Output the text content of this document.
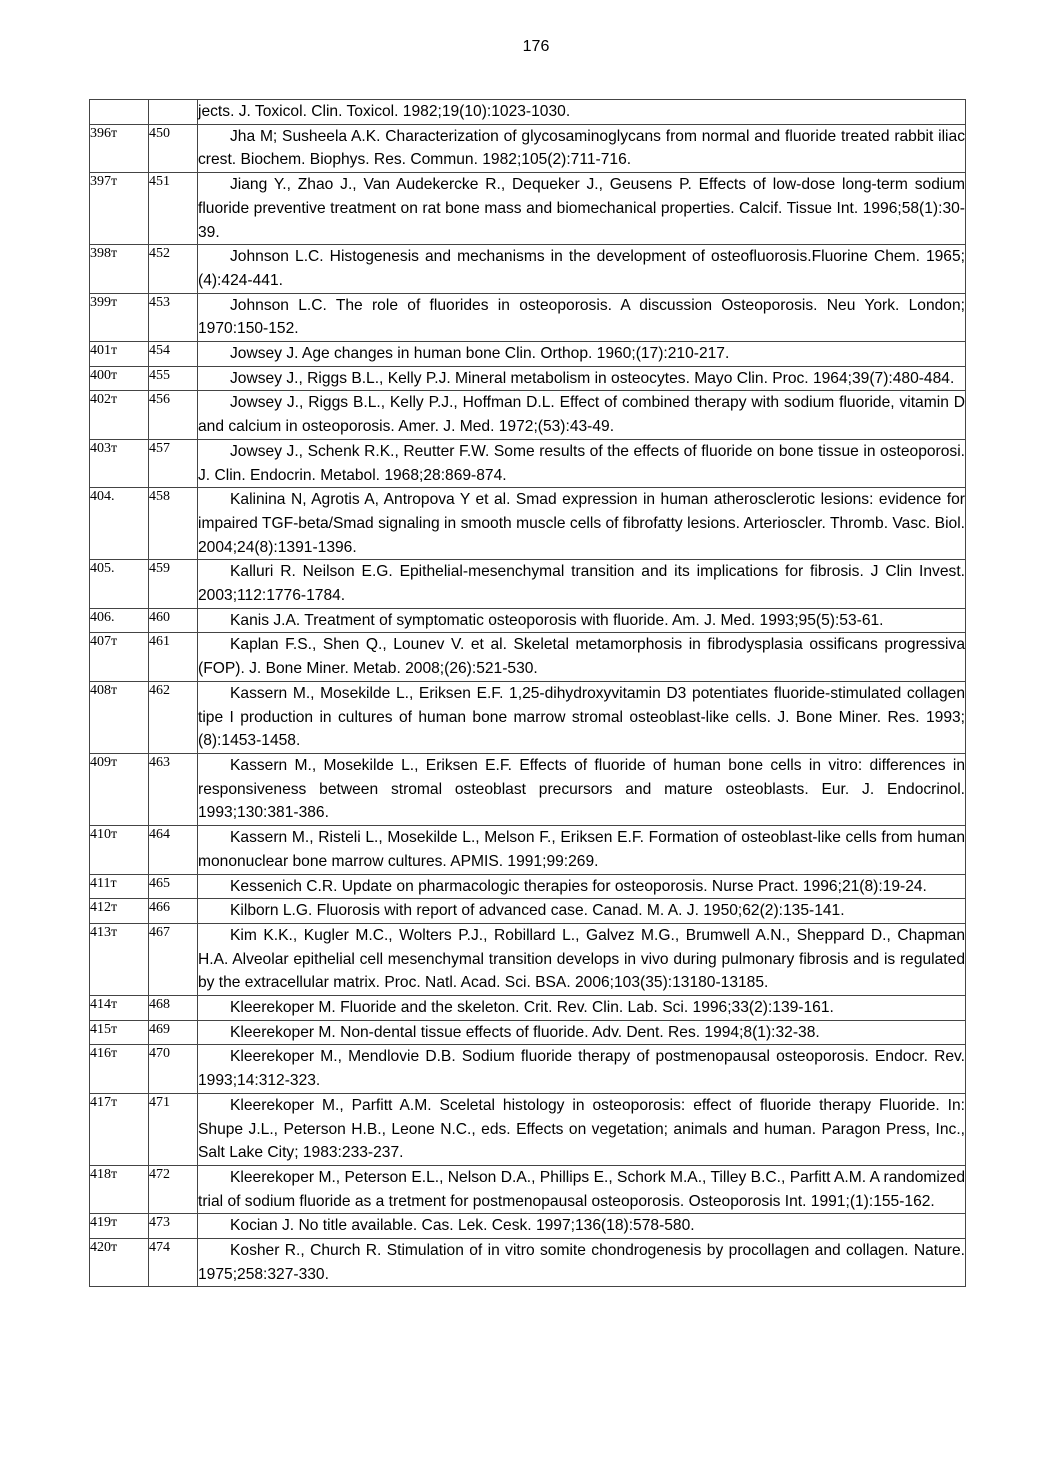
176
		jects. J. Toxicol. Clin. Toxicol. 1982;19(10):1023-1030.
396т	450	Jha M; Susheela A.K. Characterization of glycosaminoglycans from normal and fluoride treated rabbit iliac crest. Biochem. Biophys. Res. Commun. 1982;105(2):711-716.
397т	451	Jiang Y., Zhao J., Van Audekercke R., Dequeker J., Geusens P. Effects of low-dose long-term sodium fluoride preventive treatment on rat bone mass and biomechanical properties. Calcif. Tissue Int. 1996;58(1):30-39.
398т	452	Johnson L.C. Histogenesis and mechanisms in the development of osteofluorosis.Fluorine Chem. 1965;(4):424-441.
399т	453	Johnson L.C. The role of fluorides in osteoporosis. A discussion Osteoporosis. Neu York. London; 1970:150-152.
401т	454	Jowsey J. Age changes in human bone Clin. Orthop. 1960;(17):210-217.
400т	455	Jowsey J., Riggs B.L., Kelly P.J. Mineral metabolism in osteocytes. Mayo Clin. Proc. 1964;39(7):480-484.
402т	456	Jowsey J., Riggs B.L., Kelly P.J., Hoffman D.L. Effect of combined therapy with sodium fluoride, vitamin D and calcium in osteoporosis. Amer. J. Med. 1972;(53):43-49.
403т	457	Jowsey J., Schenk R.K., Reutter F.W. Some results of the effects of fluoride on bone tissue in osteoporosi. J. Clin. Endocrin. Metabol. 1968;28:869-874.
404.	458	Kalinina N, Agrotis A, Antropova Y et al. Smad expression in human atherosclerotic lesions: evidence for impaired TGF-beta/Smad signaling in smooth muscle cells of fibrofatty lesions. Arterioscler. Thromb. Vasc. Biol. 2004;24(8):1391-1396.
405.	459	Kalluri R. Neilson E.G. Epithelial-mesenchymal transition and its implications for fibrosis. J Clin Invest. 2003;112:1776-1784.
406.	460	Kanis J.A. Treatment of symptomatic osteoporosis with fluoride. Am. J. Med. 1993;95(5):53-61.
407т	461	Kaplan F.S., Shen Q., Lounev V. et al. Skeletal metamorphosis in fibrodysplasia ossificans progressiva (FOP). J. Bone Miner. Metab. 2008;(26):521-530.
408т	462	Kassern M., Mosekilde L., Eriksen E.F. 1,25-dihydroxyvitamin D3 potentiates fluoride-stimulated collagen tipe I production in cultures of human bone marrow stromal osteoblast-like cells. J. Bone Miner. Res. 1993;(8):1453-1458.
409т	463	Kassern M., Mosekilde L., Eriksen E.F. Effects of fluoride of human bone cells in vitro: differences in responsiveness between stromal osteoblast precursors and mature osteoblasts. Eur. J. Endocrinol. 1993;130:381-386.
410т	464	Kassern M., Risteli L., Mosekilde L., Melson F., Eriksen E.F. Formation of osteoblast-like cells from human mononuclear bone marrow cultures. APMIS. 1991;99:269.
411т	465	Kessenich C.R. Update on pharmacologic therapies for osteoporosis. Nurse Pract. 1996;21(8):19-24.
412т	466	Kilborn L.G. Fluorosis with report of advanced case. Canad. M. A. J. 1950;62(2):135-141.
413т	467	Kim K.K., Kugler M.C., Wolters P.J., Robillard L., Galvez M.G., Brumwell A.N., Sheppard D., Chapman H.A. Alveolar epithelial cell mesenchymal transition develops in vivo during pulmonary fibrosis and is regulated by the extracellular matrix. Proc. Natl. Acad. Sci. BSA. 2006;103(35):13180-13185.
414т	468	Kleerekoper M. Fluoride and the skeleton. Crit. Rev. Clin. Lab. Sci. 1996;33(2):139-161.
415т	469	Kleerekoper M. Non-dental tissue effects of fluoride. Adv. Dent. Res. 1994;8(1):32-38.
416т	470	Kleerekoper M., Mendlovie D.B. Sodium fluoride therapy of postmenopausal osteoporosis. Endocr. Rev. 1993;14:312-323.
417т	471	Kleerekoper M., Parfitt A.M. Sceletal histology in osteoporosis: effect of fluoride therapy Fluoride. In: Shupe J.L., Peterson H.B., Leone N.C., eds. Effects on vegetation; animals and human. Paragon Press, Inc., Salt Lake City; 1983:233-237.
418т	472	Kleerekoper M., Peterson E.L., Nelson D.A., Phillips E., Schork M.A., Tilley B.C., Parfitt A.M. A randomized trial of sodium fluoride as a tretment for postmenopausal osteoporosis. Osteoporosis Int. 1991;(1):155-162.
419т	473	Kocian J. No title available. Cas. Lek. Cesk. 1997;136(18):578-580.
420т	474	Kosher R., Church R. Stimulation of in vitro somite chondrogenesis by procollagen and collagen. Nature. 1975;258:327-330.
